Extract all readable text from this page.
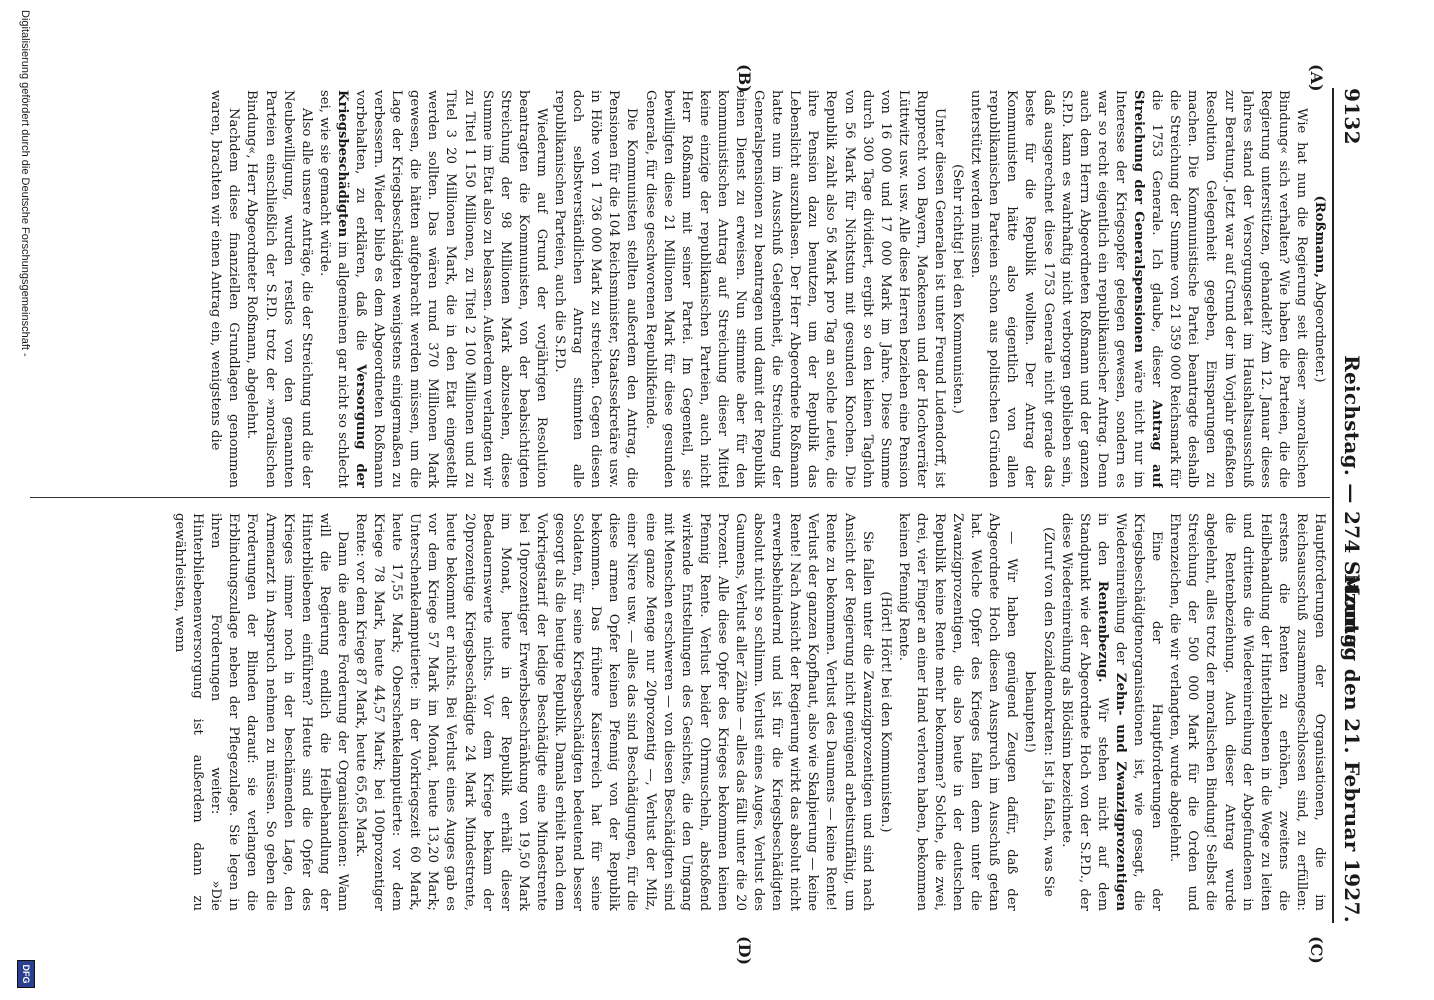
9132
Reichstag. — 274 Sitzung.
Montag den 21. Februar 1927.
(A)
(B)
(C)
(D)

(Roßmann, Abgeordneter.)

Wie hat nun die Regierung seit dieser »moralischen Bindung« sich verhalten? Wie haben die Parteien, die die Regierung unterstützen, gehandelt? Am 12. Januar dieses Jahres stand der Versorgungsetat im Haushaltsausschuß zur Beratung. Jetzt war auf Grund der im Vorjahr gefaßten Resolution Gelegenheit gegeben, Einsparungen zu machen. Die Kommunistische Partei beantragte deshalb die Streichung der Summe von 21 359 000 Reichsmark für die 1753 Generale. Ich glaube, dieser Antrag auf Streichung der Generalspensionen wäre nicht nur im Interesse der Kriegsopfer gelegen gewesen, sondern es war so recht eigentlich ein republikanischer Antrag. Denn auch dem Herrn Abgeordneten Roßmann und der ganzen S.P.D. kann es wahrhaftig nicht verborgen geblieben sein, daß ausgerechnet diese 1753 Generale nicht gerade das beste für die Republik wollten. Der Antrag der Kommunisten hätte also eigentlich von allen republikanischen Parteien schon aus politischen Gründen unterstützt werden müssen.

(Sehr richtig! bei den Kommunisten.)

Unter diesen Generalen ist unter Freund Ludendorff, ist Rupprecht von Bayern, Mackensen und der Hochverräter Lüttwitz usw. usw. Alle diese Herren beziehen eine Pension von 16 000 und 17 000 Mark im Jahre. Diese Summe durch 300 Tage dividiert, ergibt so den kleinen Taglohn von 56 Mark für Nichtstun mit gesunden Knochen. Die Republik zahlt also 56 Mark pro Tag an solche Leute, die ihre Pension dazu benutzen, um der Republik das Lebenslicht auszublasen. Der Herr Abgeordnete Roßmann hatte nun im Ausschuß Gelegenheit, die Streichung der Generalspensionen zu beantragen und damit der Republik einen Dienst zu erweisen. Nun stimmte aber für den kommunistischen Antrag auf Streichung dieser Mittel keine einzige der republikanischen Parteien, auch nicht Herr Roßmann mit seiner Partei. Im Gegenteil, sie bewilligten diese 21 Millionen Mark für diese gesunden Generale, für diese geschworenen Republikfeinde.

Die Kommunisten stellten außerdem den Antrag, die Pensionen für die 104 Reichsminister, Staatssekretäre usw. in Höhe von 1 736 000 Mark zu streichen. Gegen diesen doch selbstverständlichen Antrag stimmten alle republikanischen Parteien, auch die S.P.D.

Wiederum auf Grund der vorjährigen Resolution beantragten die Kommunisten, von der beabsichtigten Streichung der 98 Millionen Mark abzusehen, diese Summe im Etat also zu belassen. Außerdem verlangten wir zu Titel 1 150 Millionen, zu Titel 2 100 Millionen und zu Titel 3 20 Millionen Mark, die in den Etat eingestellt werden sollten. Das wären rund 370 Millionen Mark gewesen, die hätten aufgebracht werden müssen, um die Lage der Kriegsbeschädigten wenigstens einigermaßen zu verbessern. Wieder blieb es dem Abgeordneten Roßmann vorbehalten, zu erklären, daß die Versorgung der Kriegsbeschädigten im allgemeinen gar nicht so schlecht sei, wie sie gemacht würde.

Also alle unsere Anträge, die der Streichung und die der Neubewilligung, wurden restlos von den genannten Parteien einschließlich der S.P.D. trotz der »moralischen Bindung«, Herr Abgeordneter Roßmann, abgelehnt.

Nachdem diese finanziellen Grundlagen genommen waren, brachten wir einen Antrag ein, wenigstens die

Hauptforderungen der Organisationen, die im Reichsausschuß zusammengeschlossen sind, zu erfüllen: erstens die Renten zu erhöhen, zweitens die Heilbehandlung der Hinterbliebenen in die Wege zu leiten und drittens die Wiedereinreihung der Abgefundenen in die Rentenbeziehung. Auch dieser Antrag wurde abgelehnt, alles trotz der moralischen Bindung! Selbst die Streichung der 500 000 Mark für die Orden und Ehrenzeichen, die wir verlangten, wurde abgelehnt.

Eine der Hauptforderungen der Kriegsbeschädigtenorganisationen ist, wie gesagt, die Wiedereinreihung der Zehn- und Zwanzigprozentigen in den Rentenbezug. Wir stehen nicht auf dem Standpunkt wie der Abgeordnete Hoch von der S.P.D., der diese Wiedereinreihung als Blödsinn bezeichnete.

(Zuruf von den Sozialdemokraten: Ist ja falsch, was Sie behaupten!)

— Wir haben genügend Zeugen dafür, daß der Abgeordnete Hoch diesen Ausspruch im Ausschuß getan hat. Welche Opfer des Krieges fallen denn unter die Zwanzigprozentigen, die also heute in der deutschen Republik keine Rente mehr bekommen? Solche, die zwei, drei, vier Finger an einer Hand verloren haben, bekommen keinen Pfennig Rente.

(Hört! Hört! bei den Kommunisten.)

Sie fallen unter die Zwanzigprozentigen und sind nach Ansicht der Regierung nicht genügend arbeitsunfähig, um Rente zu bekommen. Verlust des Daumens — keine Rente! Verlust der ganzen Kopfhaut, also wie Skalpierung — keine Rente! Nach Ansicht der Regierung wirkt das absolut nicht erwerbsbehindernd und ist für die Kriegsbeschädigten absolut nicht so schlimm. Verlust eines Auges, Verlust des Gaumens, Verlust aller Zähne — alles das fällt unter die 20 Prozent. Alle diese Opfer des Krieges bekommen keinen Pfennig Rente. Verlust beider Ohrmuscheln, abstoßend wirkende Entstellungen des Gesichtes, die den Umgang mit Menschen erschweren — von diesen Beschädigten sind eine ganze Menge nur 20prozentig —, Verlust der Milz, einer Niere usw. — alles das sind Beschädigungen, für die diese armen Opfer keinen Pfennig von der Republik bekommen. Das frühere Kaiserreich hat für seine Soldaten, für seine Kriegsbeschädigten bedeutend besser gesorgt als die heutige Republik. Damals erhielt nach dem Vorkriegstarif der ledige Beschädigte eine Mindestrente bei 10prozentiger Erwerbsbeschränkung von 19,50 Mark im Monat, heute in der Republik erhält dieser Bedauernswerte nichts. Vor dem Kriege bekam der 20prozentige Kriegsbeschädigte 24 Mark Mindestrente, heute bekommt er nichts. Bei Verlust eines Auges gab es vor dem Kriege 57 Mark im Monat, heute 13,20 Mark; Unterschenkelamputierte: in der Vorkriegszeit 60 Mark, heute 17,55 Mark; Oberschenkelamputierte: vor dem Kriege 78 Mark, heute 44,57 Mark; bei 100prozentiger Rente: vor dem Kriege 87 Mark, heute 65,65 Mark.

Dann die andere Forderung der Organisationen: Wann will die Regierung endlich die Heilbehandlung der Hinterbliebenen einführen? Heute sind die Opfer des Krieges immer noch in der beschämenden Lage, den Armenarzt in Anspruch nehmen zu müssen. So geben die Forderungen der Blinden darauf: sie verlangen die Erblindungszulage neben der Pflegezulage. Sie legen in ihren Forderungen weiter: »Die Hinterbliebenenversorgung ist außerdem dann zu gewährleisten, wenn

Digitalisierung gefördert durch die Deutsche Forschungsgemeinschaft -
DFG
